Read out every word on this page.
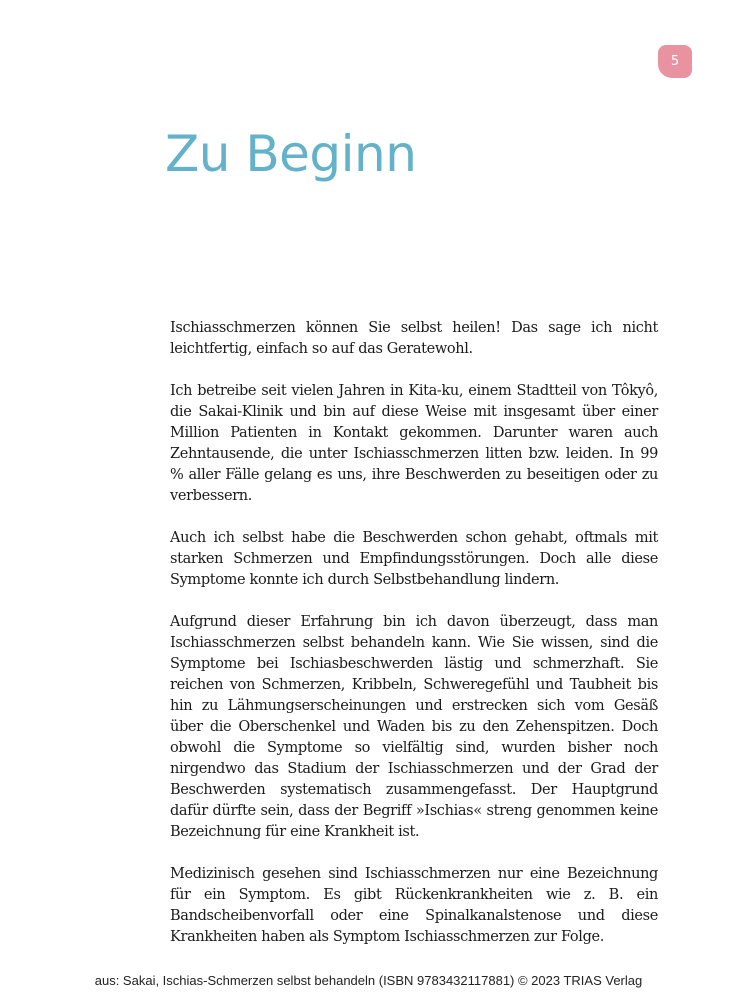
5
Zu Beginn

Ischiasschmerzen können Sie selbst heilen! Das sage ich nicht leichtfertig, einfach so auf das Geratewohl.

Ich betreibe seit vielen Jahren in Kita-ku, einem Stadtteil von Tôkyô, die Sakai-Klinik und bin auf diese Weise mit insgesamt über einer Million Patienten in Kontakt gekommen. Darunter waren auch Zehntausende, die unter Ischiasschmerzen litten bzw. leiden. In 99 % aller Fälle gelang es uns, ihre Beschwerden zu beseitigen oder zu verbessern.

Auch ich selbst habe die Beschwerden schon gehabt, oftmals mit starken Schmerzen und Empfindungsstörungen. Doch alle diese Symptome konnte ich durch Selbstbehandlung lindern.

Aufgrund dieser Erfahrung bin ich davon überzeugt, dass man Ischiasschmerzen selbst behandeln kann. Wie Sie wissen, sind die Symptome bei Ischiasbeschwerden lästig und schmerzhaft. Sie reichen von Schmerzen, Kribbeln, Schweregefühl und Taubheit bis hin zu Lähmungserscheinungen und erstrecken sich vom Gesäß über die Oberschenkel und Waden bis zu den Zehenspitzen. Doch obwohl die Symptome so vielfältig sind, wurden bisher noch nirgendwo das Stadium der Ischiasschmerzen und der Grad der Beschwerden systematisch zusammengefasst. Der Hauptgrund dafür dürfte sein, dass der Begriff »Ischias« streng genommen keine Bezeichnung für eine Krankheit ist.

Medizinisch gesehen sind Ischiasschmerzen nur eine Bezeichnung für ein Symptom. Es gibt Rückenkrankheiten wie z. B. ein Bandscheibenvorfall oder eine Spinalkanalstenose und diese Krankheiten haben als Symptom Ischiasschmerzen zur Folge.

aus: Sakai, Ischias-Schmerzen selbst behandeln (ISBN 9783432117881) © 2023 TRIAS Verlag
